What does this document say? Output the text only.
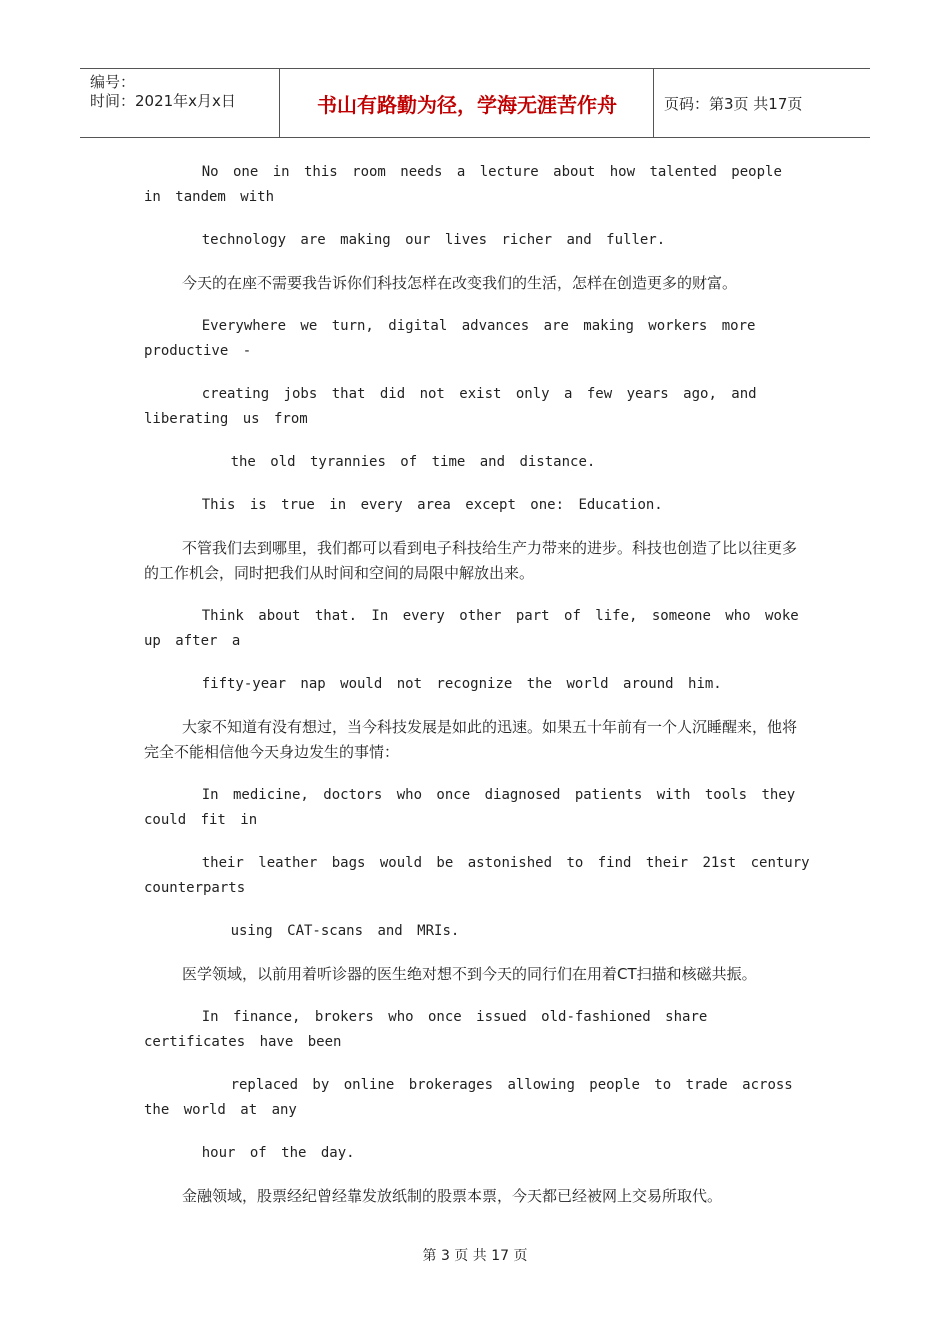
编号：
时间：2021年x月x日	书山有路勤为径，学海无涯苦作舟	页码：第3页 共17页
No one in this room needs a lecture about how talented people in tandem with
technology are making our lives richer and fuller.
今天的在座不需要我告诉你们科技怎样在改变我们的生活，怎样在创造更多的财富。
Everywhere we turn, digital advances are making workers more productive -
creating jobs that did not exist only a few years ago, and liberating us from
the old tyrannies of time and distance.
This is true in every area except one: Education.
不管我们去到哪里，我们都可以看到电子科技给生产力带来的进步。科技也创造了比以往更多的工作机会，同时把我们从时间和空间的局限中解放出来。
Think about that. In every other part of life, someone who woke up after a
fifty-year nap would not recognize the world around him.
大家不知道有没有想过，当今科技发展是如此的迅速。如果五十年前有一个人沉睡醒来，他将完全不能相信他今天身边发生的事情：
In medicine, doctors who once diagnosed patients with tools they could fit in
their leather bags would be astonished to find their 21st century counterparts
using CAT-scans and MRIs.
医学领域，以前用着听诊器的医生绝对想不到今天的同行们在用着CT扫描和核磁共振。
In finance, brokers who once issued old-fashioned share certificates have been
replaced by online brokerages allowing people to trade across the world at any
hour of the day.
金融领域，股票经纪曾经靠发放纸制的股票本票，今天都已经被网上交易所取代。
第 3 页 共 17 页
